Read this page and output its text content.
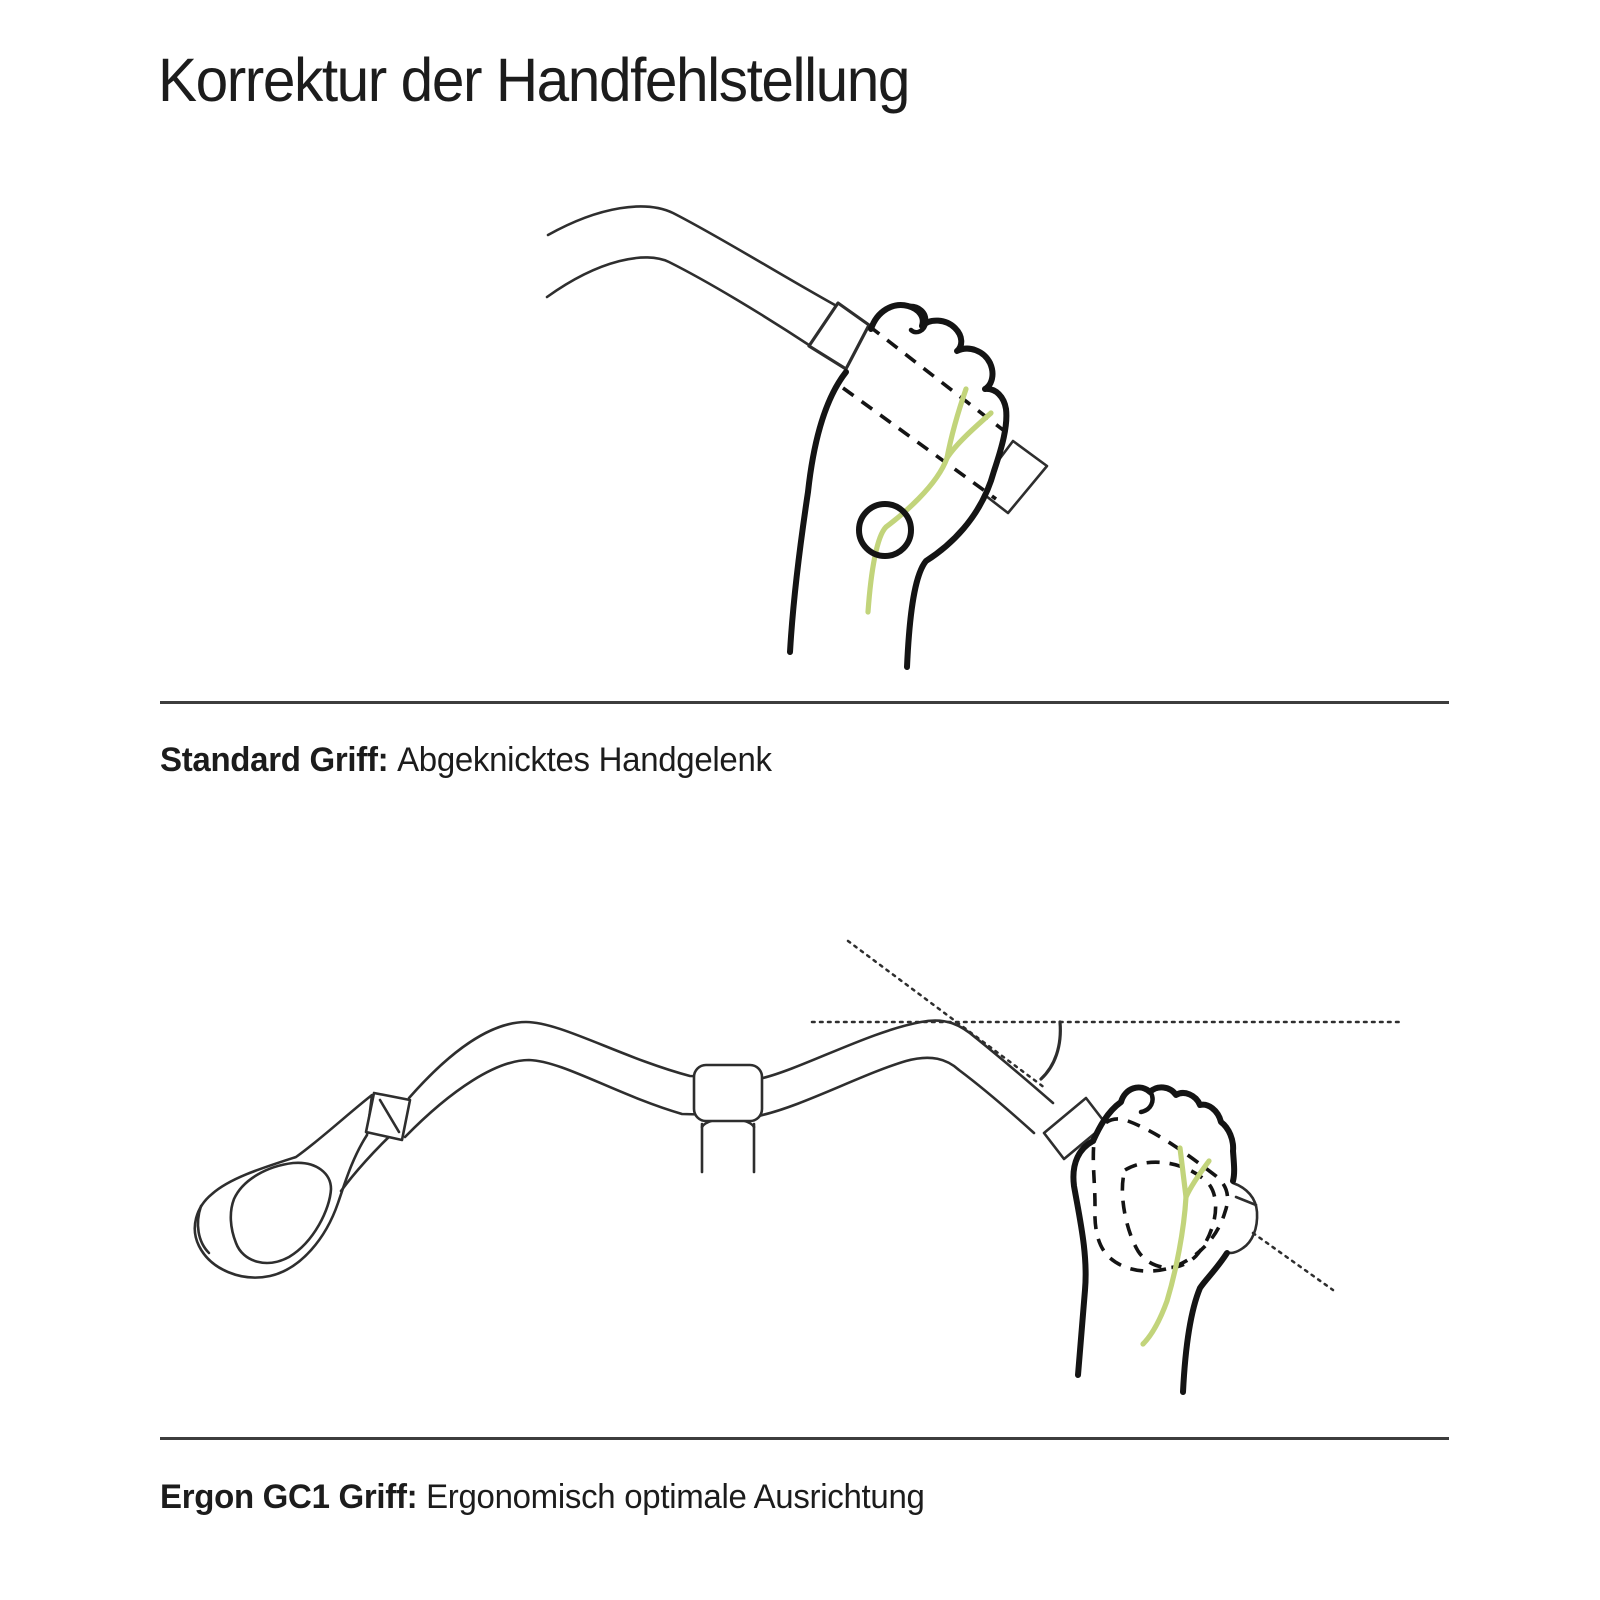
Korrektur der Handfehlstellung
Standard Griff: Abgeknicktes Handgelenk
Ergon GC1 Griff: Ergonomisch optimale Ausrichtung
